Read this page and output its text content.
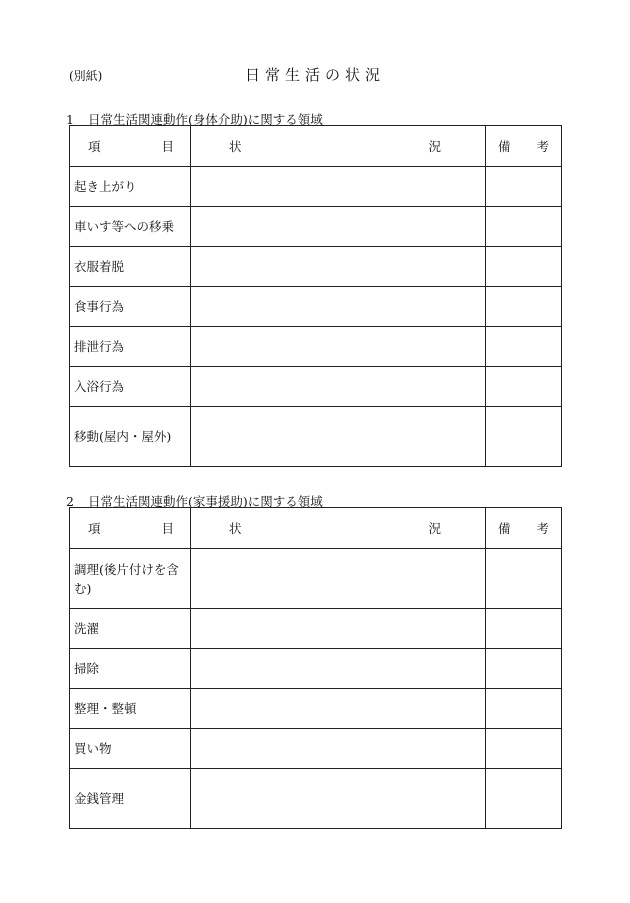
(別紙)	日常生活の状況
1 日常生活関連動作(身体介助)に関する領域
項 目	状 況	備 考

起き上がり		
車いす等への移乗		
衣服着脱		
食事行為		
排泄行為		
入浴行為		
移動(屋内・屋外)		
2 日常生活関連動作(家事援助)に関する領域
項 目	状 況	備 考

調理(後片付けを含む)		
洗濯		
掃除		
整理・整頓		
買い物		
金銭管理		
